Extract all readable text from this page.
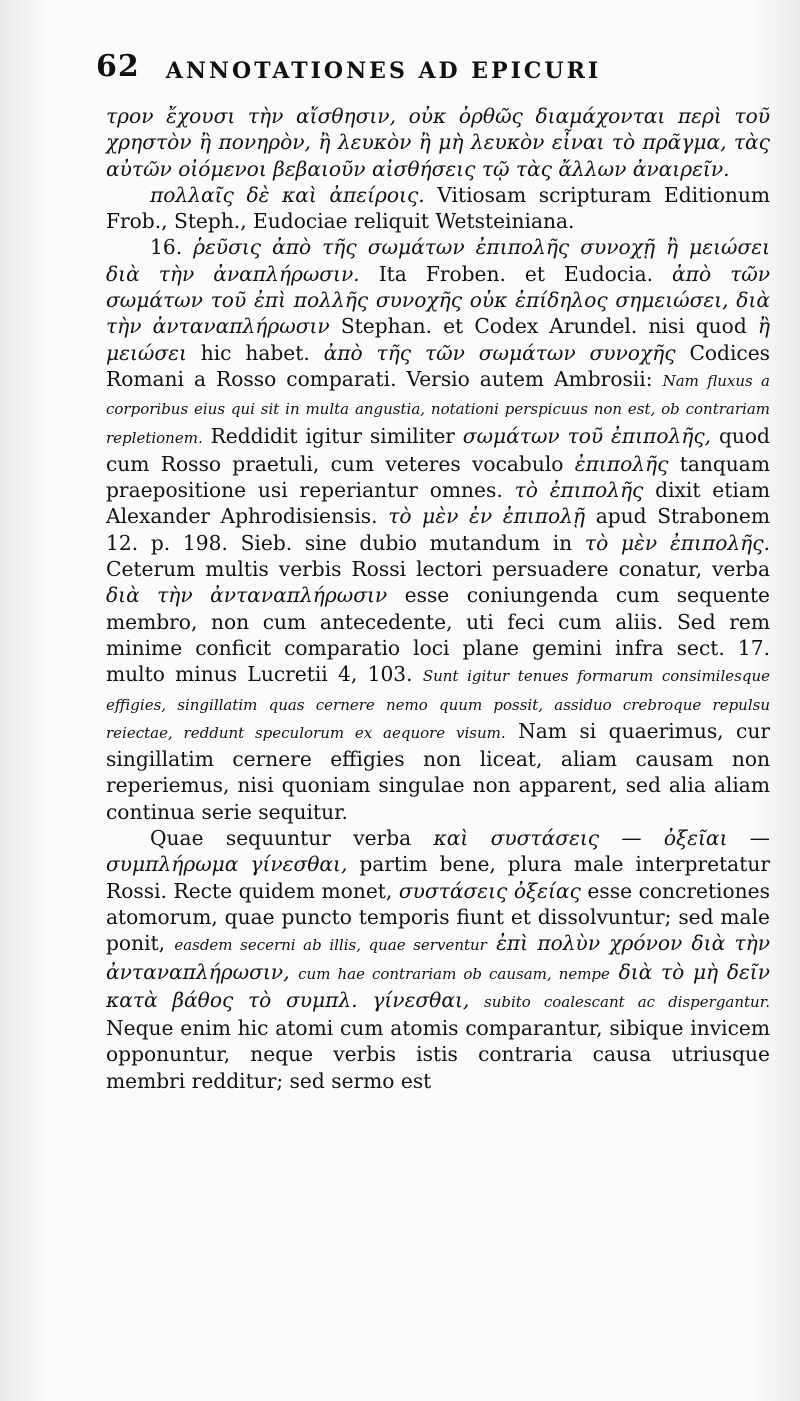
62 ANNOTATIONES AD EPICURI

τρον ἔχουσι τὴν αἴσθησιν, οὐκ ὀρθῶς διαμάχονται περὶ τοῦ χρηστὸν ἢ πονηρὸν, ἢ λευκὸν ἢ μὴ λευκὸν εἶναι τὸ πρᾶγμα, τὰς αὐτῶν οἰόμενοι βεβαιοῦν αἰσθήσεις τῷ τὰς ἄλλων ἀναιρεῖν.

πολλαῖς δὲ καὶ ἀπείροις. Vitiosam scripturam Editionum Frob., Steph., Eudociae reliquit Wetsteiniana.

16. ῥεῦσις ἀπὸ τῆς σωμάτων ἐπιπολῆς συνοχῇ ἢ μειώσει διὰ τὴν ἀναπλήρωσιν. Ita Froben. et Eudocia. ἀπὸ τῶν σωμάτων τοῦ ἐπὶ πολλῆς συνοχῆς οὐκ ἐπίδηλος σημειώσει, διὰ τὴν ἀνταναπλήρωσιν Stephan. et Codex Arundel. nisi quod ἢ μειώσει hic habet. ἀπὸ τῆς τῶν σωμάτων συνοχῆς Codices Romani a Rosso comparati. Versio autem Ambrosii: Nam fluxus a corporibus eius qui sit in multa angustia, notationi perspicuus non est, ob contrariam repletionem. Reddidit igitur similiter σωμάτων τοῦ ἐπιπολῆς, quod cum Rosso praetuli, cum veteres vocabulo ἐπιπολῆς tanquam praepositione usi reperiantur omnes. τὸ ἐπιπολῆς dixit etiam Alexander Aphrodisiensis. τὸ μὲν ἐν ἐπιπολῇ apud Strabonem 12. p. 198. Sieb. sine dubio mutandum in τὸ μὲν ἐπιπολῆς. Ceterum multis verbis Rossi lectori persuadere conatur, verba διὰ τὴν ἀνταναπλήρωσιν esse coniungenda cum sequente membro, non cum antecedente, uti feci cum aliis. Sed rem minime conficit comparatio loci plane gemini infra sect. 17. multo minus Lucretii 4, 103. Sunt igitur tenues formarum consimilesque effigies, singillatim quas cernere nemo quum possit, assiduo crebroque repulsu reiectae, reddunt speculorum ex aequore visum. Nam si quaerimus, cur singillatim cernere effigies non liceat, aliam causam non reperiemus, nisi quoniam singulae non apparent, sed alia aliam continua serie sequitur.

Quae sequuntur verba καὶ συστάσεις — ὀξεῖαι — συμπλήρωμα γίνεσθαι, partim bene, plura male interpretatur Rossi. Recte quidem monet, συστάσεις ὀξείας esse concretiones atomorum, quae puncto temporis fiunt et dissolvuntur; sed male ponit, easdem secerni ab illis, quae serventur ἐπὶ πολὺν χρόνον διὰ τὴν ἀνταναπλήρωσιν, cum hae contrariam ob causam, nempe διὰ τὸ μὴ δεῖν κατὰ βάθος τὸ συμπλ. γίνεσθαι, subito coalescant ac dispergantur. Neque enim hic atomi cum atomis comparantur, sibique invicem opponuntur, neque verbis istis contraria causa utriusque membri redditur; sed sermo est
